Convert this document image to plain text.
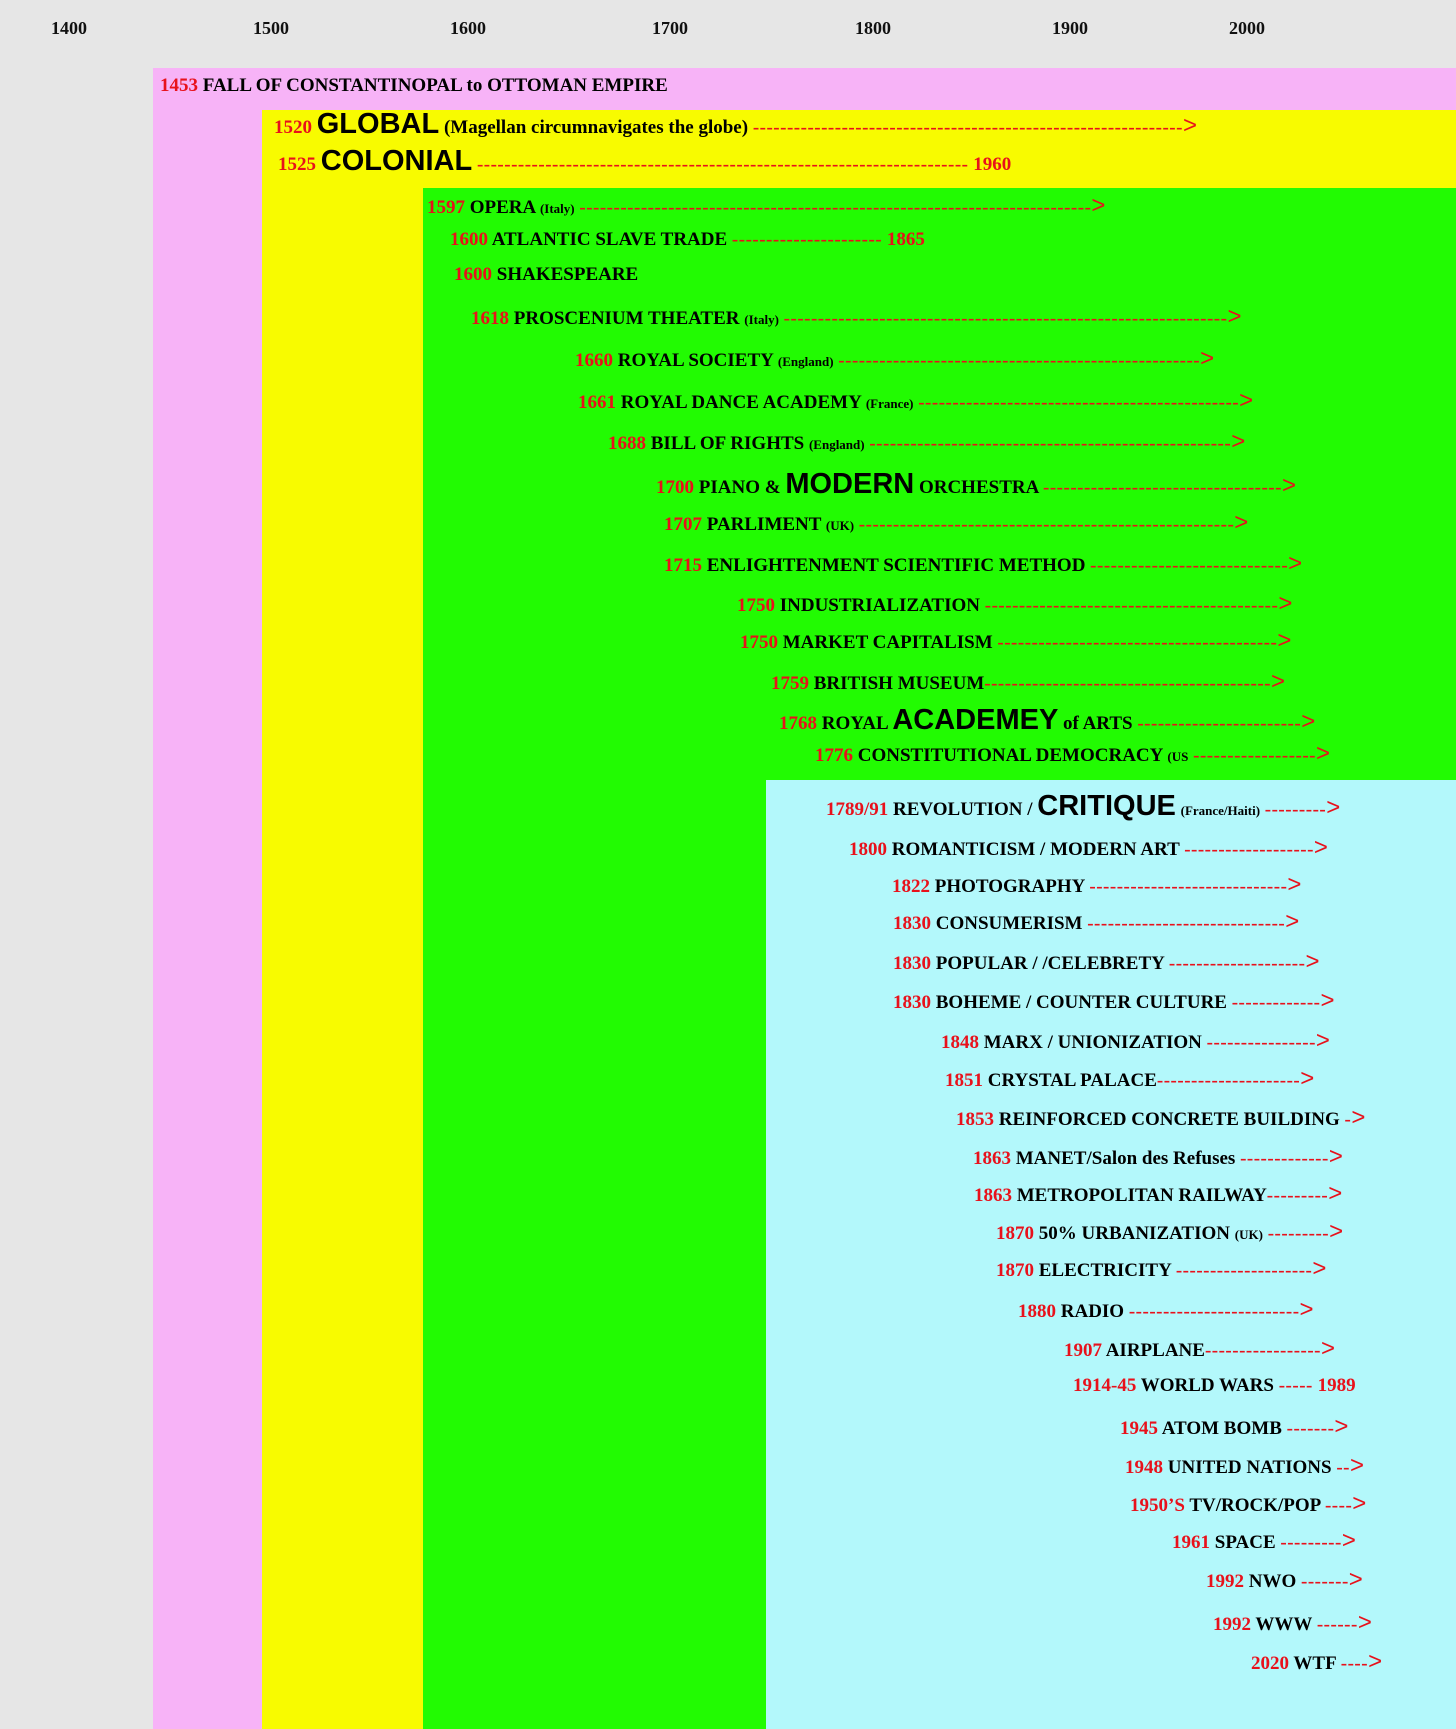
1400	1500	1600	1700	1800	1900	2000
1453 FALL OF CONSTANTINOPAL to OTTOMAN EMPIRE
1520 GLOBAL (Magellan circumnavigates the globe) --------------------------------------------------------------->
1525 COLONIAL ------------------------------------------------------------------------ 1960
1597 OPERA (Italy) --------------------------------------------------------------------------->
1600 ATLANTIC SLAVE TRADE ---------------------- 1865
1600 SHAKESPEARE
1618 PROSCENIUM THEATER (Italy) ----------------------------------------------------------------->
1660 ROYAL SOCIETY (England) ----------------------------------------------------->
1661 ROYAL DANCE ACADEMY (France) ----------------------------------------------->
1688 BILL OF RIGHTS (England) ----------------------------------------------------->
1700 PIANO & MODERN ORCHESTRA ----------------------------------->
1707 PARLIMENT (UK) ------------------------------------------------------->
1715 ENLIGHTENMENT SCIENTIFIC METHOD ----------------------------->
1750 INDUSTRIALIZATION ------------------------------------------->
1750 MARKET CAPITALISM ----------------------------------------->
1759 BRITISH MUSEUM------------------------------------------>
1768 ROYAL ACADEMEY of ARTS ------------------------>
1776 CONSTITUTIONAL DEMOCRACY (US ------------------>
1789/91 REVOLUTION / CRITIQUE (France/Haiti) --------->
1800 ROMANTICISM / MODERN ART ------------------->
1822 PHOTOGRAPHY ----------------------------->
1830 CONSUMERISM ----------------------------->
1830 POPULAR / /CELEBRETY -------------------->
1830 BOHEME / COUNTER CULTURE ------------->
1848 MARX / UNIONIZATION ---------------->
1851 CRYSTAL PALACE--------------------->
1853 REINFORCED CONCRETE BUILDING ->
1863 MANET/Salon des Refuses ------------->
1863 METROPOLITAN RAILWAY--------->
1870 50% URBANIZATION (UK) --------->
1870 ELECTRICITY -------------------->
1880 RADIO ------------------------->
1907 AIRPLANE----------------->
1914-45 WORLD WARS ----- 1989
1945 ATOM BOMB ------->
1948 UNITED NATIONS -->
1950’S TV/ROCK/POP ---->
1961 SPACE --------->
1992 NWO ------->
1992 WWW ------>
2020 WTF ---->
